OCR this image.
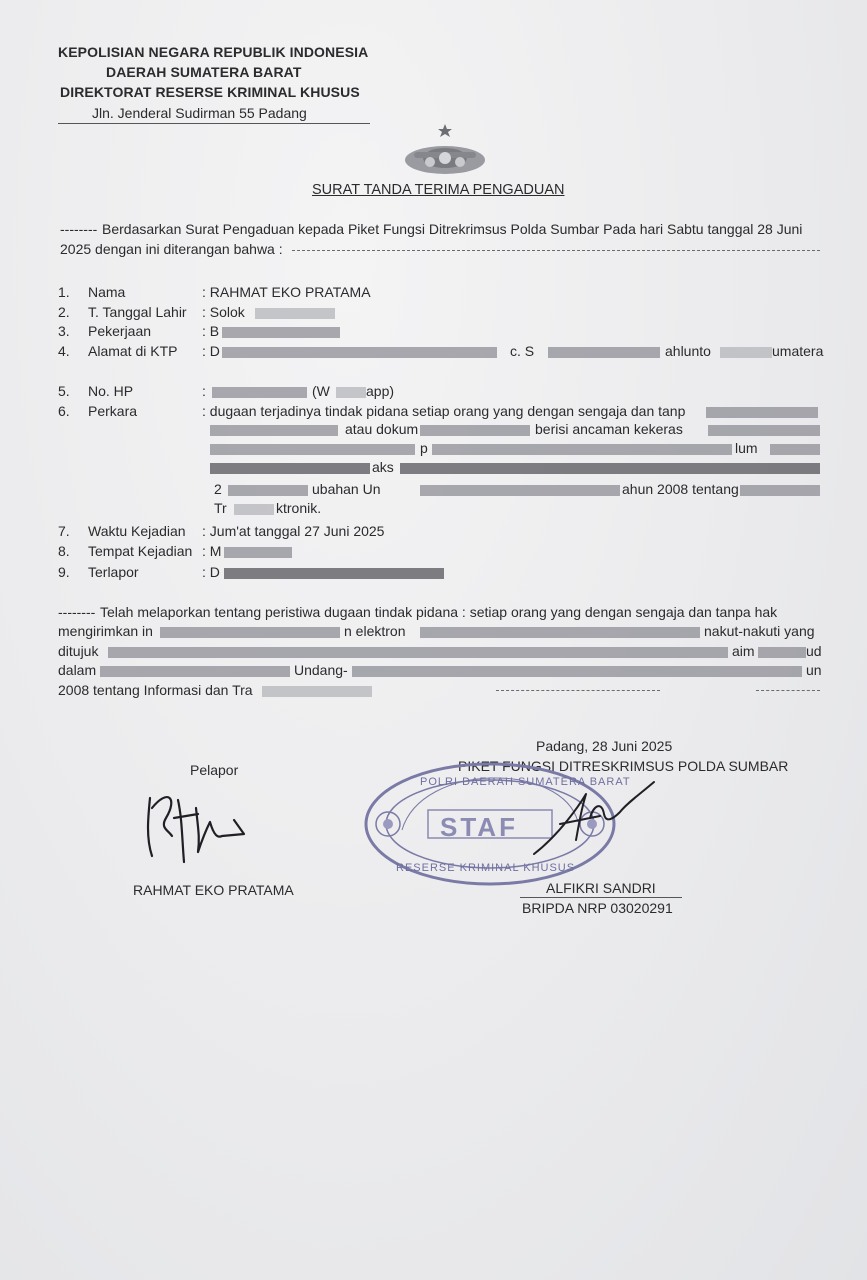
KEPOLISIAN NEGARA REPUBLIK INDONESIA
DAERAH SUMATERA BARAT
DIREKTORAT RESERSE KRIMINAL KHUSUS
Jln. Jenderal Sudirman 55 Padang
SURAT TANDA TERIMA PENGADUAN
-------- Berdasarkan Surat Pengaduan kepada Piket Fungsi Ditrekrimsus Polda Sumbar Pada hari Sabtu tanggal 28 Juni
2025 dengan ini diterangan bahwa :
1. Nama	: RAHMAT EKO PRATAMA
2. T. Tanggal Lahir : Solok
3. Pekerjaan	: B
4. Alamat di KTP : D	c. S	ahlunto	umatera
5. No. HP	:	(W	app)
6. Perkara	: dugaan terjadinya tindak pidana setiap orang yang dengan sengaja dan tanp
atau dokum	berisi ancaman kekeras
p	lum
aks
2	ubahan Un	ahun 2008 tentang
Tr	ktronik.
7. Waktu Kejadian : Jum'at tanggal 27 Juni 2025
8. Tempat Kejadian : M
9. Terlapor	: D
-------- Telah melaporkan tentang peristiwa dugaan tindak pidana : setiap orang yang dengan sengaja dan tanpa hak
mengirimkan in	n elektron	nakut-nakuti yang
ditujuk	aim	ud
dalam	Undang-	un
2008 tentang Informasi dan Tra
Padang, 28 Juni 2025
Pelapor	PIKET FUNGSI DITRESKRIMSUS POLDA SUMBAR
POLRI DAERAH SUMATERA BARAT
STAF
RESERSE KRIMINAL KHUSUS
RAHMAT EKO PRATAMA	ALFIKRI SANDRI
BRIPDA NRP 03020291
